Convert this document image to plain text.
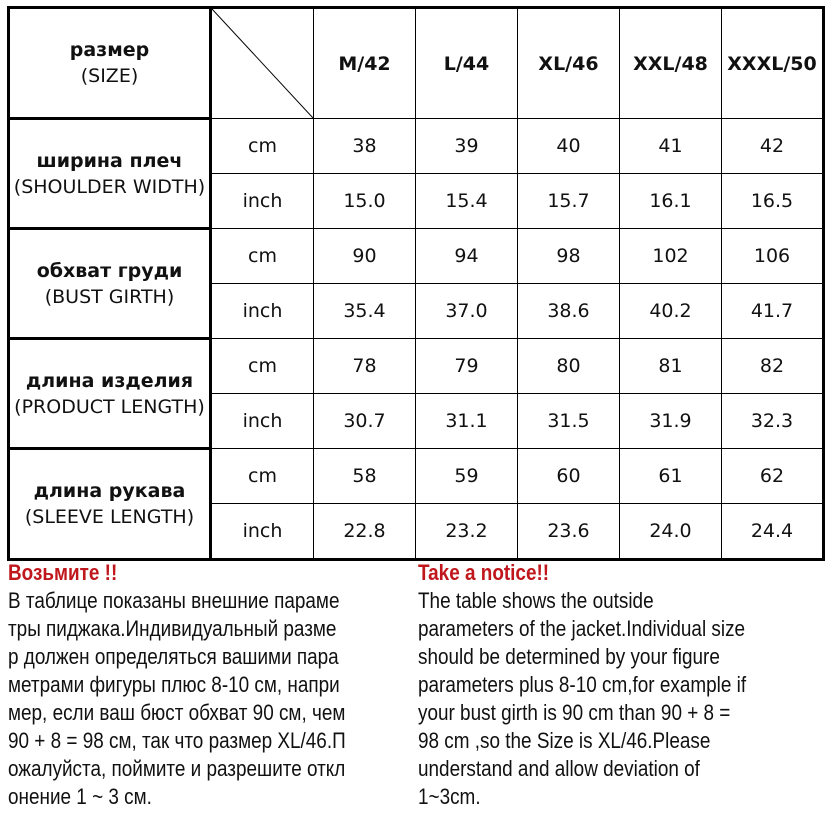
размер
(SIZE)		M/42	L/44	XL/46	XXL/48	XXXL/50

ширина плеч
(SHOULDER WIDTH)	cm	38	39	40	41	42
	inch	15.0	15.4	15.7	16.1	16.5

обхват груди
(BUST GIRTH)	cm	90	94	98	102	106
	inch	35.4	37.0	38.6	40.2	41.7

длина изделия
(PRODUCT LENGTH)	cm	78	79	80	81	82
	inch	30.7	31.1	31.5	31.9	32.3

длина рукава
(SLEEVE LENGTH)	cm	58	59	60	61	62
	inch	22.8	23.2	23.6	24.0	24.4
Возьмите !!
В таблице показаны внешние параме
тры пиджака.Индивидуальный разме
р должен определяться вашими пара
метрами фигуры плюс 8-10 см, напри
мер, если ваш бюст обхват 90 см, чем
90 + 8 = 98 см, так что размер XL/46.П
ожалуйста, поймите и разрешите откл
онение 1 ~ 3 см.
Take a notice!!
The table shows the outside
parameters of the jacket.Individual size
should be determined by your figure
parameters plus 8-10 cm,for example if
your bust girth is 90 cm than 90 + 8 =
98 cm ,so the Size is XL/46.Please
understand and allow deviation of
1~3cm.
